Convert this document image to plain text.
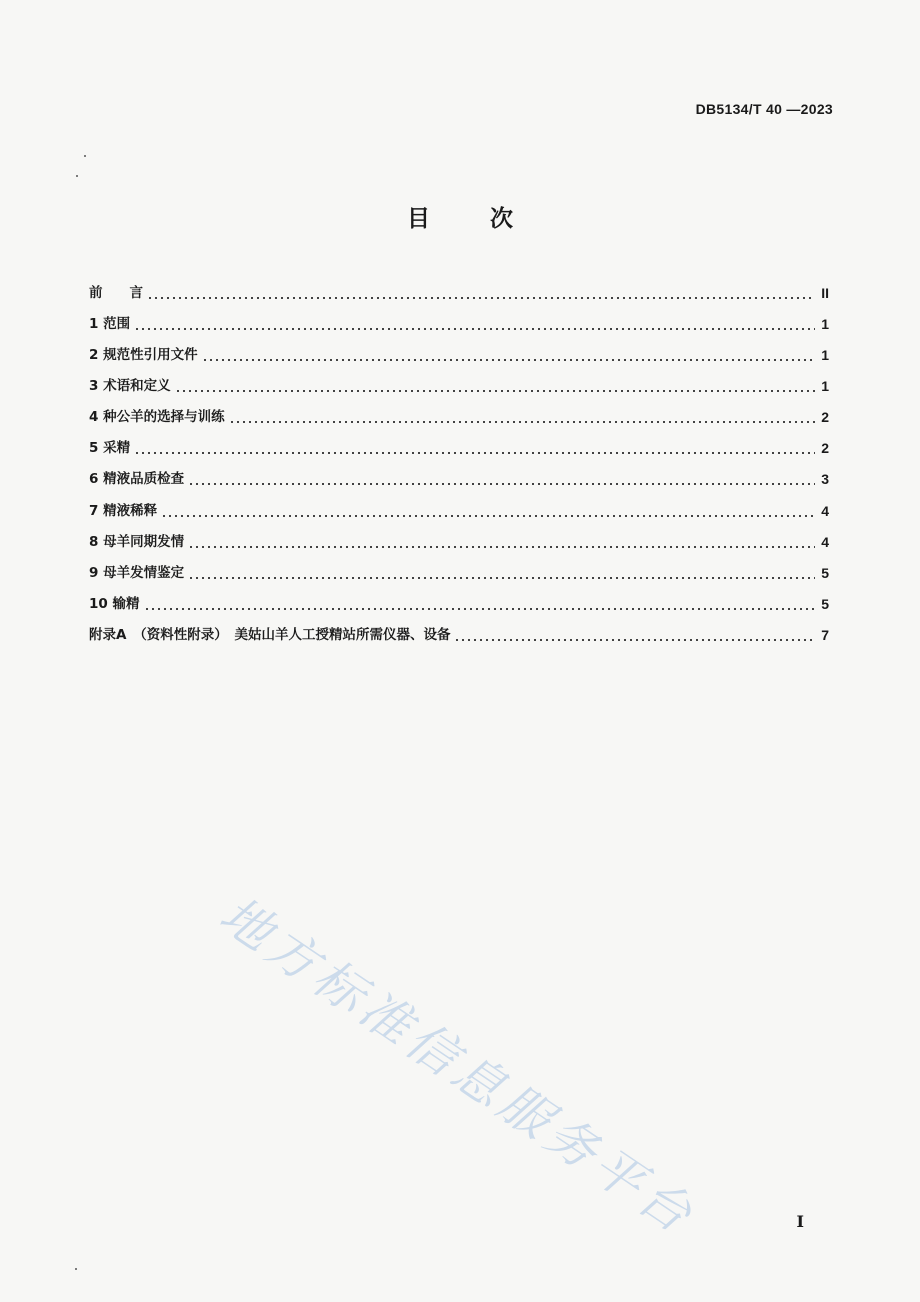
DB5134/T 40 —2023
目 次
前　　言	II
1 范围	1
2 规范性引用文件	1
3 术语和定义	1
4 种公羊的选择与训练	2
5 采精	2
6 精液品质检查	3
7 精液稀释	4
8 母羊同期发情	4
9 母羊发情鉴定	5
10 输精	5
附录A　（资料性附录）　美姑山羊人工授精站所需仪器、设备	7
地方标准信息服务平台	I
